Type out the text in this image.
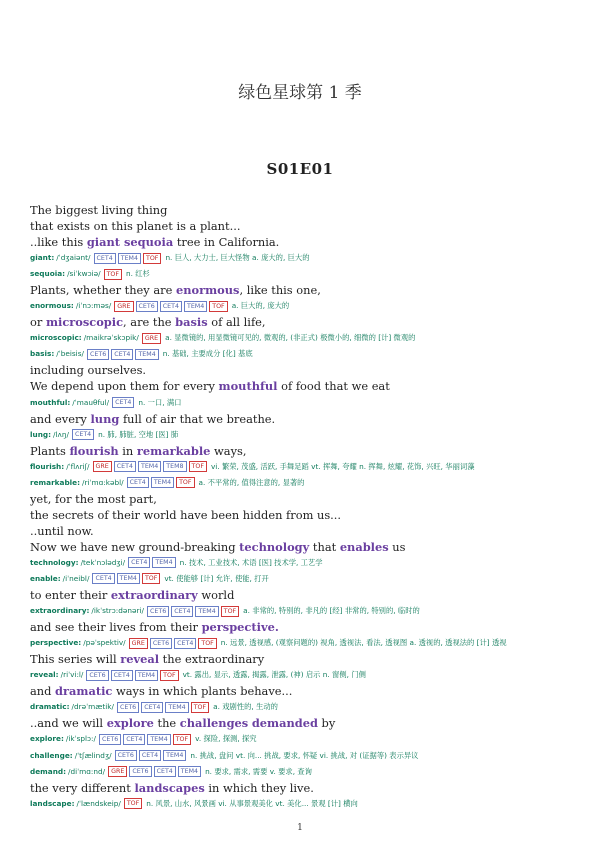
绿色星球第 1 季
S01E01
The biggest living thing
that exists on this planet is a plant...
..like this giant sequoia tree in California.
giant: /ˈdʒaiənt/ CET4	TEM4	TOF n. 巨人, 大力士, 巨大怪物 a. 庞大的, 巨大的
sequoia: /siˈkwɔiə/ TOF n. 红杉
Plants, whether they are enormous, like this one,
enormous: /iˈnɔ:məs/ GRE	CET6	CET4	TEM4	TOF a. 巨大的, 庞大的
or microscopic, are the basis of all life,
microscopic: /maikrəˈskɔpik/ GRE a. 显微镜的, 用显微镜可见的, 微观的, (非正式) 极微小的, 细微的 [计] 微观的
basis: /ˈbeisis/ CET6	CET4	TEM4 n. 基础, 主要成分 [化] 基底
including ourselves.
We depend upon them for every mouthful of food that we eat
mouthful: /ˈmauθful/ CET4 n. 一口, 满口
and every lung full of air that we breathe.
lung: /lʌŋ/ CET4 n. 肺, 肺脏, 空地 [医] 肺
Plants flourish in remarkable ways,
flourish: /ˈflʌriʃ/ GRE	CET4	TEM4	TEM8	TOF vi. 繁荣, 茂盛, 活跃, 手舞足蹈 vt. 挥舞, 夸耀 n. 挥舞, 炫耀, 花饰, 兴旺, 华丽词藻
remarkable: /riˈmɑ:kəbl/ CET4	TEM4	TOF a. 不平常的, 值得注意的, 显著的
yet, for the most part,
the secrets of their world have been hidden from us...
..until now.
Now we have new ground-breaking technology that enables us
technology: /tekˈnɔlədʒi/ CET4	TEM4 n. 技术, 工业技术, 术语 [医] 技术学, 工艺学
enable: /iˈneibl/ CET4	TEM4	TOF vt. 使能够 [计] 允许, 使能, 打开
to enter their extraordinary world
extraordinary: /ikˈstrɔ:dənəri/ CET6	CET4	TEM4	TOF a. 非常的, 特别的, 非凡的 [经] 非常的, 特别的, 临时的
and see their lives from their perspective.
perspective: /pəˈspektiv/ GRE	CET6	CET4	TOF n. 远景, 透视感, (观察问题的) 视角, 透视法, 看法, 透视图 a. 透视的, 透视法的 [计] 透视
This series will reveal the extraordinary
reveal: /riˈvi:l/ CET6	CET4	TEM4	TOF vt. 露出, 显示, 透露, 揭露, 泄露, (神) 启示 n. 窗侧, 门侧
and dramatic ways in which plants behave...
dramatic: /drəˈmætik/ CET6	CET4	TEM4	TOF a. 戏剧性的, 生动的
..and we will explore the challenges demanded by
explore: /ikˈsplɔ:/ CET6	CET4	TEM4	TOF v. 探险, 探测, 探究
challenge: /ˈtʃælindʒ/ CET6	CET4	TEM4 n. 挑战, 盘问 vt. 向... 挑战, 要求, 怀疑 vi. 挑战, 对 (证据等) 表示异议
demand: /diˈmɑ:nd/ GRE	CET6	CET4	TEM4 n. 要求, 需求, 需要 v. 要求, 查询
the very different landscapes in which they live.
landscape: /ˈlændskeip/ TOF n. 风景, 山水, 风景画 vi. 从事景观美化 vt. 美化... 景观 [计] 横向
1
